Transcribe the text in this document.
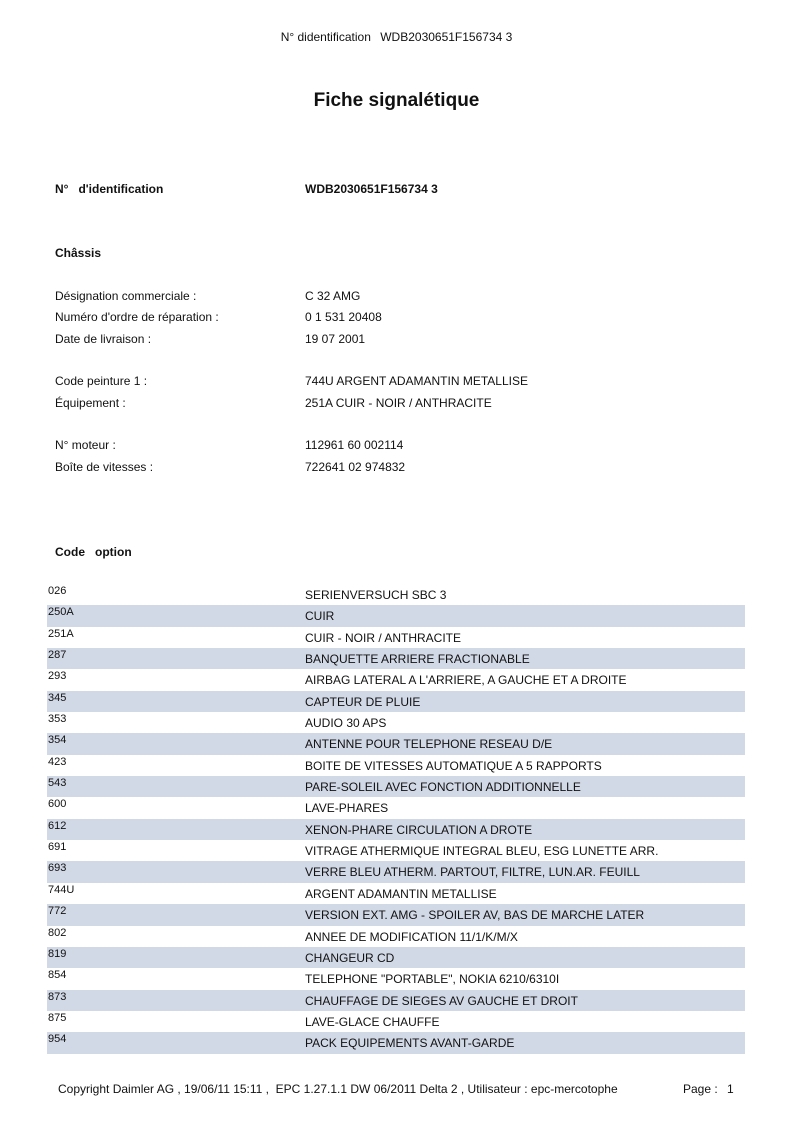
N° didentification WDB2030651F156734 3
Fiche signalétique
N°   d'identification	WDB2030651F156734 3
Châssis
Désignation commerciale :	C 32 AMG
Numéro d'ordre de réparation :	0 1 531 20408
Date de livraison :	19 07 2001
Code peinture 1 :	744U ARGENT ADAMANTIN METALLISE
Équipement :	251A CUIR - NOIR / ANTHRACITE
N° moteur :	112961 60 002114
Boîte de vitesses :	722641 02 974832
Code   option
026	SERIENVERSUCH SBC 3
250A	CUIR
251A	CUIR - NOIR / ANTHRACITE
287	BANQUETTE ARRIERE FRACTIONABLE
293	AIRBAG LATERAL A L'ARRIERE, A GAUCHE ET A DROITE
345	CAPTEUR DE PLUIE
353	AUDIO 30 APS
354	ANTENNE POUR TELEPHONE RESEAU D/E
423	BOITE DE VITESSES AUTOMATIQUE A 5 RAPPORTS
543	PARE-SOLEIL AVEC FONCTION ADDITIONNELLE
600	LAVE-PHARES
612	XENON-PHARE CIRCULATION A DROTE
691	VITRAGE ATHERMIQUE INTEGRAL BLEU, ESG LUNETTE ARR.
693	VERRE BLEU ATHERM. PARTOUT, FILTRE, LUN.AR. FEUILL
744U	ARGENT ADAMANTIN METALLISE
772	VERSION EXT. AMG - SPOILER AV, BAS DE MARCHE LATER
802	ANNEE DE MODIFICATION 11/1/K/M/X
819	CHANGEUR CD
854	TELEPHONE "PORTABLE", NOKIA 6210/6310I
873	CHAUFFAGE DE SIEGES AV GAUCHE ET DROIT
875	LAVE-GLACE CHAUFFE
954	PACK EQUIPEMENTS AVANT-GARDE
Copyright Daimler AG , 19/06/11 15:11 ,  EPC 1.27.1.1 DW 06/2011 Delta 2 , Utilisateur : epc-mercotophe	Page : 1
